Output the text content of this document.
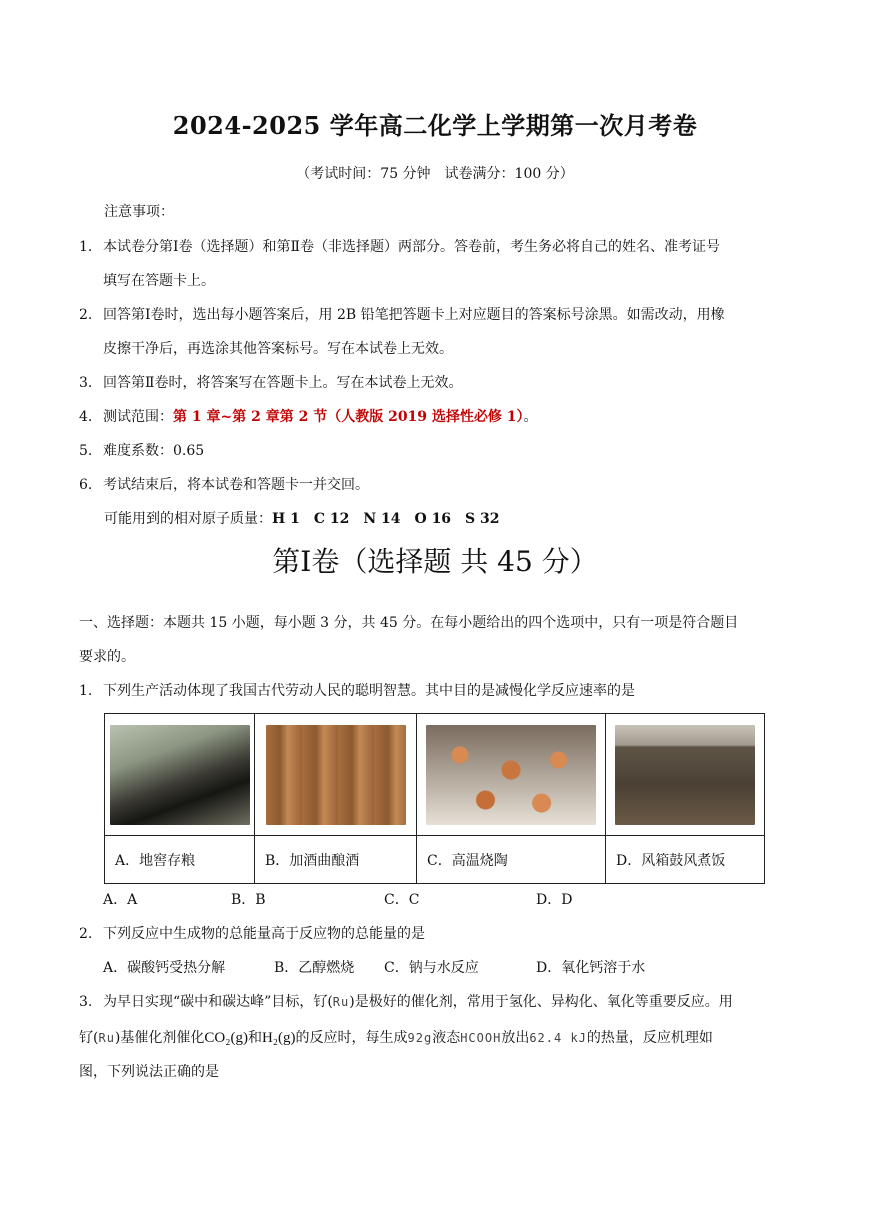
2024-2025 学年高二化学上学期第一次月考卷
（考试时间：75 分钟　试卷满分：100 分）
注意事项：
1. 本试卷分第Ⅰ卷（选择题）和第Ⅱ卷（非选择题）两部分。答卷前，考生务必将自己的姓名、准考证号
填写在答题卡上。
2. 回答第Ⅰ卷时，选出每小题答案后，用 2B 铅笔把答题卡上对应题目的答案标号涂黑。如需改动，用橡
皮擦干净后，再选涂其他答案标号。写在本试卷上无效。
3. 回答第Ⅱ卷时，将答案写在答题卡上。写在本试卷上无效。
4. 测试范围：第 1 章~第 2 章第 2 节（人教版 2019 选择性必修 1）。
5. 难度系数：0.65
6. 考试结束后，将本试卷和答题卡一并交回。
可能用到的相对原子质量：H 1　C 12　N 14　O 16　S 32
第Ⅰ卷（选择题 共 45 分）
一、选择题：本题共 15 小题，每小题 3 分，共 45 分。在每小题给出的四个选项中，只有一项是符合题目
要求的。
1. 下列生产活动体现了我国古代劳动人民的聪明智慧。其中目的是减慢化学反应速率的是

A．地窖存粮	B．加酒曲酿酒	C．高温烧陶	D．风箱鼓风煮饭
A．A	B．B	C．C	D．D
2. 下列反应中生成物的总能量高于反应物的总能量的是
A．碳酸钙受热分解	B．乙醇燃烧 C．钠与水反应	D．氧化钙溶于水
3. 为早日实现“碳中和碳达峰”目标，钌(Ru)是极好的催化剂，常用于氢化、异构化、氧化等重要反应。用
钌(Ru)基催化剂催化CO₂(g)和H₂(g)的反应时，每生成92g液态HCOOH放出62.4 kJ的热量，反应机理如
图，下列说法正确的是
